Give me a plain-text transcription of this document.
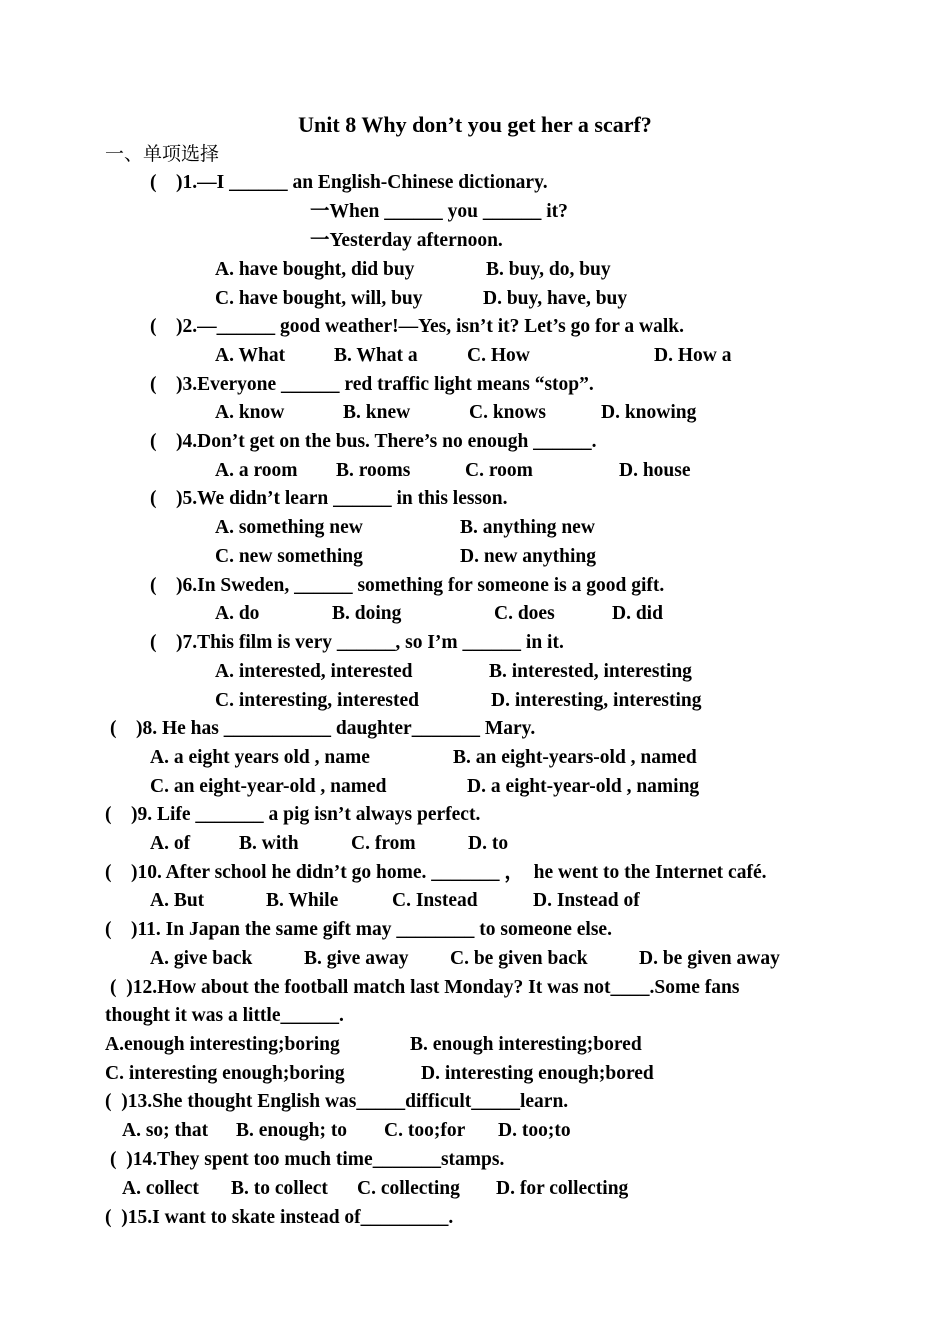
Unit 8 Why don’t you get her a scarf?
一、单项选择
(    )1.—I ______ an English-Chinese dictionary.
一When ______ you ______ it?
一Yesterday afternoon.
A. have bought, did buy	B. buy, do, buy
C. have bought, will, buy	D. buy, have, buy
(    )2.—______ good weather!—Yes, isn’t it? Let’s go for a walk.
A. What	B. What a	C. How	D. How a
(    )3.Everyone ______ red traffic light means “stop”.
A. know	B. knew	C. knows	D. knowing
(    )4.Don’t get on the bus. There’s no enough ______.
A. a room B. rooms	C. room	D. house
(    )5.We didn’t learn ______ in this lesson.
A. something new	B. anything new
C. new something	D. new anything
(    )6.In Sweden, ______ something for someone is a good gift.
A. do	B. doing	C. does	D. did
(    )7.This film is very ______, so I’m ______ in it.
A. interested, interested	B. interested, interesting
C. interesting, interested	D. interesting, interesting
(    )8. He has ___________ daughter_______ Mary.
A. a eight years old , name	B. an eight-years-old , named
C. an eight-year-old , named	D. a eight-year-old , naming
(    )9. Life _______ a pig isn’t always perfect.
A. of	B. with	C. from	D. to
(    )10. After school he didn’t go home. _______ ，  he went to the Internet café.
A. But	B. While	C. Instead	D. Instead of
(    )11. In Japan the same gift may ________ to someone else.
A. give back	B. give away C. be given back	D. be given away
(  )12.How about the football match last Monday? It was not____.Some fans
thought it was a little______.
A.enough interesting;boring	B. enough interesting;bored
C. interesting enough;boring	D. interesting enough;bored
(  )13.She thought English was_____difficult_____learn.
A. so; that B. enough; to C. too;for D. too;to
(  )14.They spent too much time_______stamps.
A. collect B. to collect C. collecting D. for collecting
(  )15.I want to skate instead of_________.
